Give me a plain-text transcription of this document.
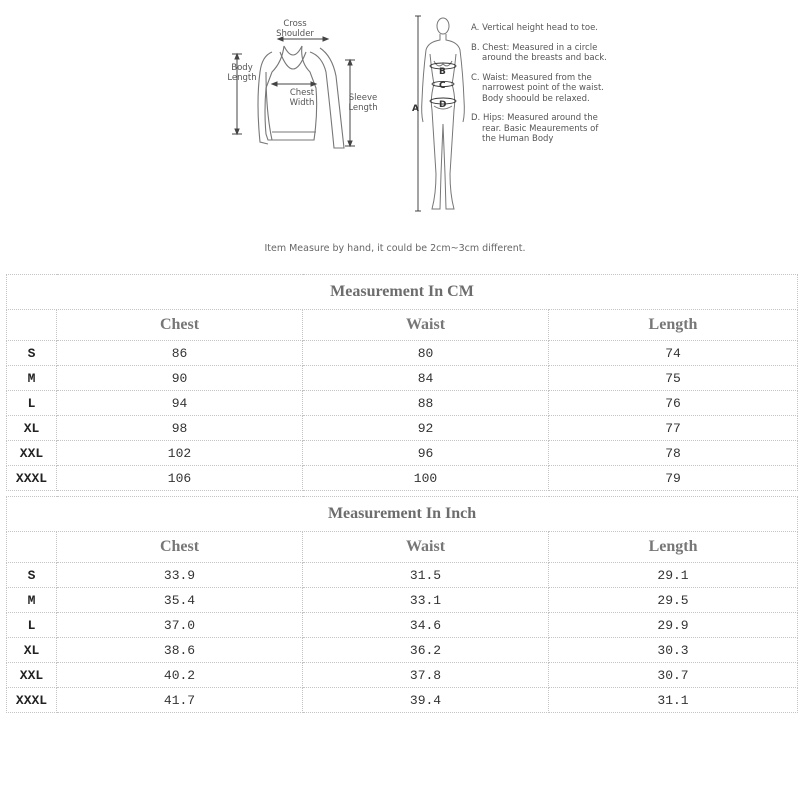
Cross
Shoulder
Body
Length
Chest
Width	Sleeve
Length	A
B
C
D
A. Vertical height head to toe.
B. Chest: Measured in a circle around the breasts and back.
C. Waist: Measured from the narrowest point of the waist. Body shoould be relaxed.
D. Hips: Measured around the rear. Basic Meaurements of the Human Body
Item Measure by hand, it could be 2cm~3cm different.
Measurement In CM			
	Chest	Waist	Length
S	86	80	74
M	90	84	75
L	94	88	76
XL	98	92	77
XXL	102	96	78
XXXL	106	100	79
Measurement In Inch			
	Chest	Waist	Length
S	33.9	31.5	29.1
M	35.4	33.1	29.5
L	37.0	34.6	29.9
XL	38.6	36.2	30.3
XXL	40.2	37.8	30.7
XXXL	41.7	39.4	31.1
